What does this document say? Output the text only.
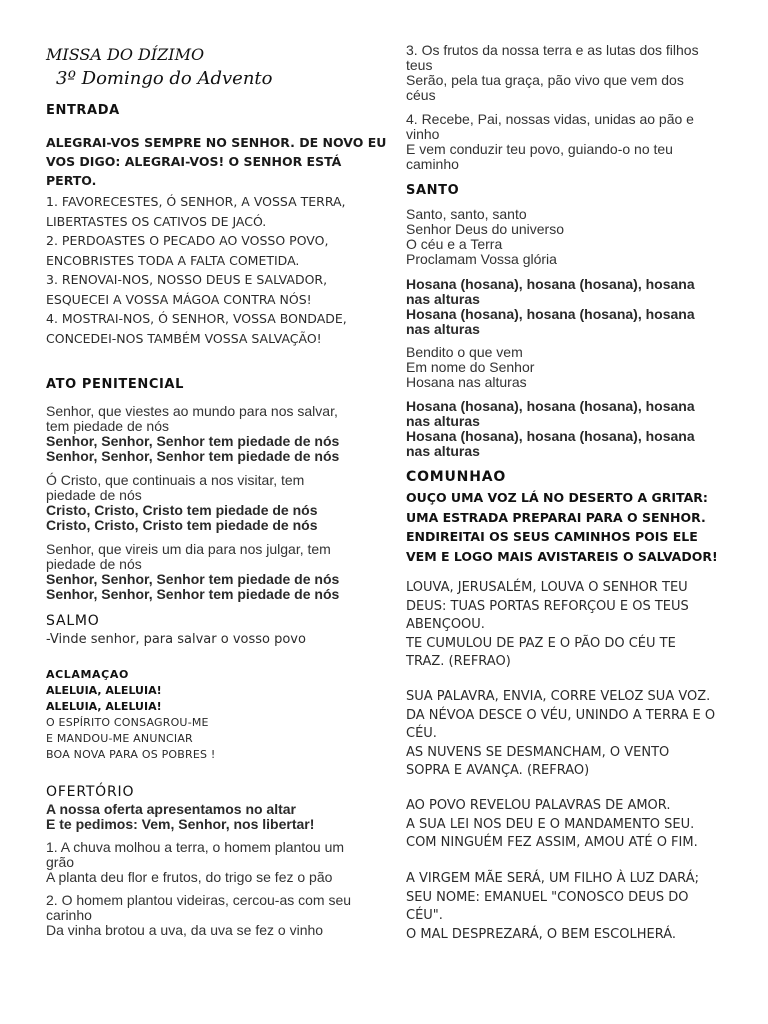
MISSA DO DÍZIMO
3º Domingo do Advento
ENTRADA
ALEGRAI-VOS SEMPRE NO SENHOR. DE NOVO EU
VOS DIGO: ALEGRAI-VOS! O SENHOR ESTÁ
PERTO.
1. FAVORECESTES, Ó SENHOR, A VOSSA TERRA,
LIBERTASTES OS CATIVOS DE JACÓ.
2. PERDOASTES O PECADO AO VOSSO POVO,
ENCOBRISTES TODA A FALTA COMETIDA.
3. RENOVAI-NOS, NOSSO DEUS E SALVADOR,
ESQUECEI A VOSSA MÁGOA CONTRA NÓS!
4. MOSTRAI-NOS, Ó SENHOR, VOSSA BONDADE,
CONCEDEI-NOS TAMBÉM VOSSA SALVAÇÃO!
ATO PENITENCIAL
Senhor, que viestes ao mundo para nos salvar,
tem piedade de nós
Senhor, Senhor, Senhor tem piedade de nós
Senhor, Senhor, Senhor tem piedade de nós
Ó Cristo, que continuais a nos visitar, tem
piedade de nós
Cristo, Cristo, Cristo tem piedade de nós
Cristo, Cristo, Cristo tem piedade de nós
Senhor, que vireis um dia para nos julgar, tem
piedade de nós
Senhor, Senhor, Senhor tem piedade de nós
Senhor, Senhor, Senhor tem piedade de nós
SALMO
-Vinde senhor, para salvar o vosso povo
ACLAMAÇAO
ALELUIA, ALELUIA!
ALELUIA, ALELUIA!
O ESPÍRITO CONSAGROU-ME
E MANDOU-ME ANUNCIAR
BOA NOVA PARA OS POBRES !
OFERTÓRIO
A nossa oferta apresentamos no altar
E te pedimos: Vem, Senhor, nos libertar!
1. A chuva molhou a terra, o homem plantou um
grão
A planta deu flor e frutos, do trigo se fez o pão
2. O homem plantou videiras, cercou-as com seu
carinho
Da vinha brotou a uva, da uva se fez o vinho
3. Os frutos da nossa terra e as lutas dos filhos
teus
Serão, pela tua graça, pão vivo que vem dos
céus
4. Recebe, Pai, nossas vidas, unidas ao pão e
vinho
E vem conduzir teu povo, guiando-o no teu
caminho
SANTO
Santo, santo, santo
Senhor Deus do universo
O céu e a Terra
Proclamam Vossa glória
Hosana (hosana), hosana (hosana), hosana
nas alturas
Hosana (hosana), hosana (hosana), hosana
nas alturas
Bendito o que vem
Em nome do Senhor
Hosana nas alturas
Hosana (hosana), hosana (hosana), hosana
nas alturas
Hosana (hosana), hosana (hosana), hosana
nas alturas
COMUNHAO
OUÇO UMA VOZ LÁ NO DESERTO A GRITAR:
UMA ESTRADA PREPARAI PARA O SENHOR.
ENDIREITAI OS SEUS CAMINHOS POIS ELE
VEM E LOGO MAIS AVISTAREIS O SALVADOR!
LOUVA, JERUSALÉM, LOUVA O SENHOR TEU
DEUS: TUAS PORTAS REFORÇOU E OS TEUS
ABENÇOOU.
TE CUMULOU DE PAZ E O PÃO DO CÉU TE
TRAZ. (REFRAO)
SUA PALAVRA, ENVIA, CORRE VELOZ SUA VOZ.
DA NÉVOA DESCE O VÉU, UNINDO A TERRA E O
CÉU.
AS NUVENS SE DESMANCHAM, O VENTO
SOPRA E AVANÇA. (REFRAO)
AO POVO REVELOU PALAVRAS DE AMOR.
A SUA LEI NOS DEU E O MANDAMENTO SEU.
COM NINGUÉM FEZ ASSIM, AMOU ATÉ O FIM.
A VIRGEM MÃE SERÁ, UM FILHO À LUZ DARÁ;
SEU NOME: EMANUEL "CONOSCO DEUS DO
CÉU".
O MAL DESPREZARÁ, O BEM ESCOLHERÁ.
